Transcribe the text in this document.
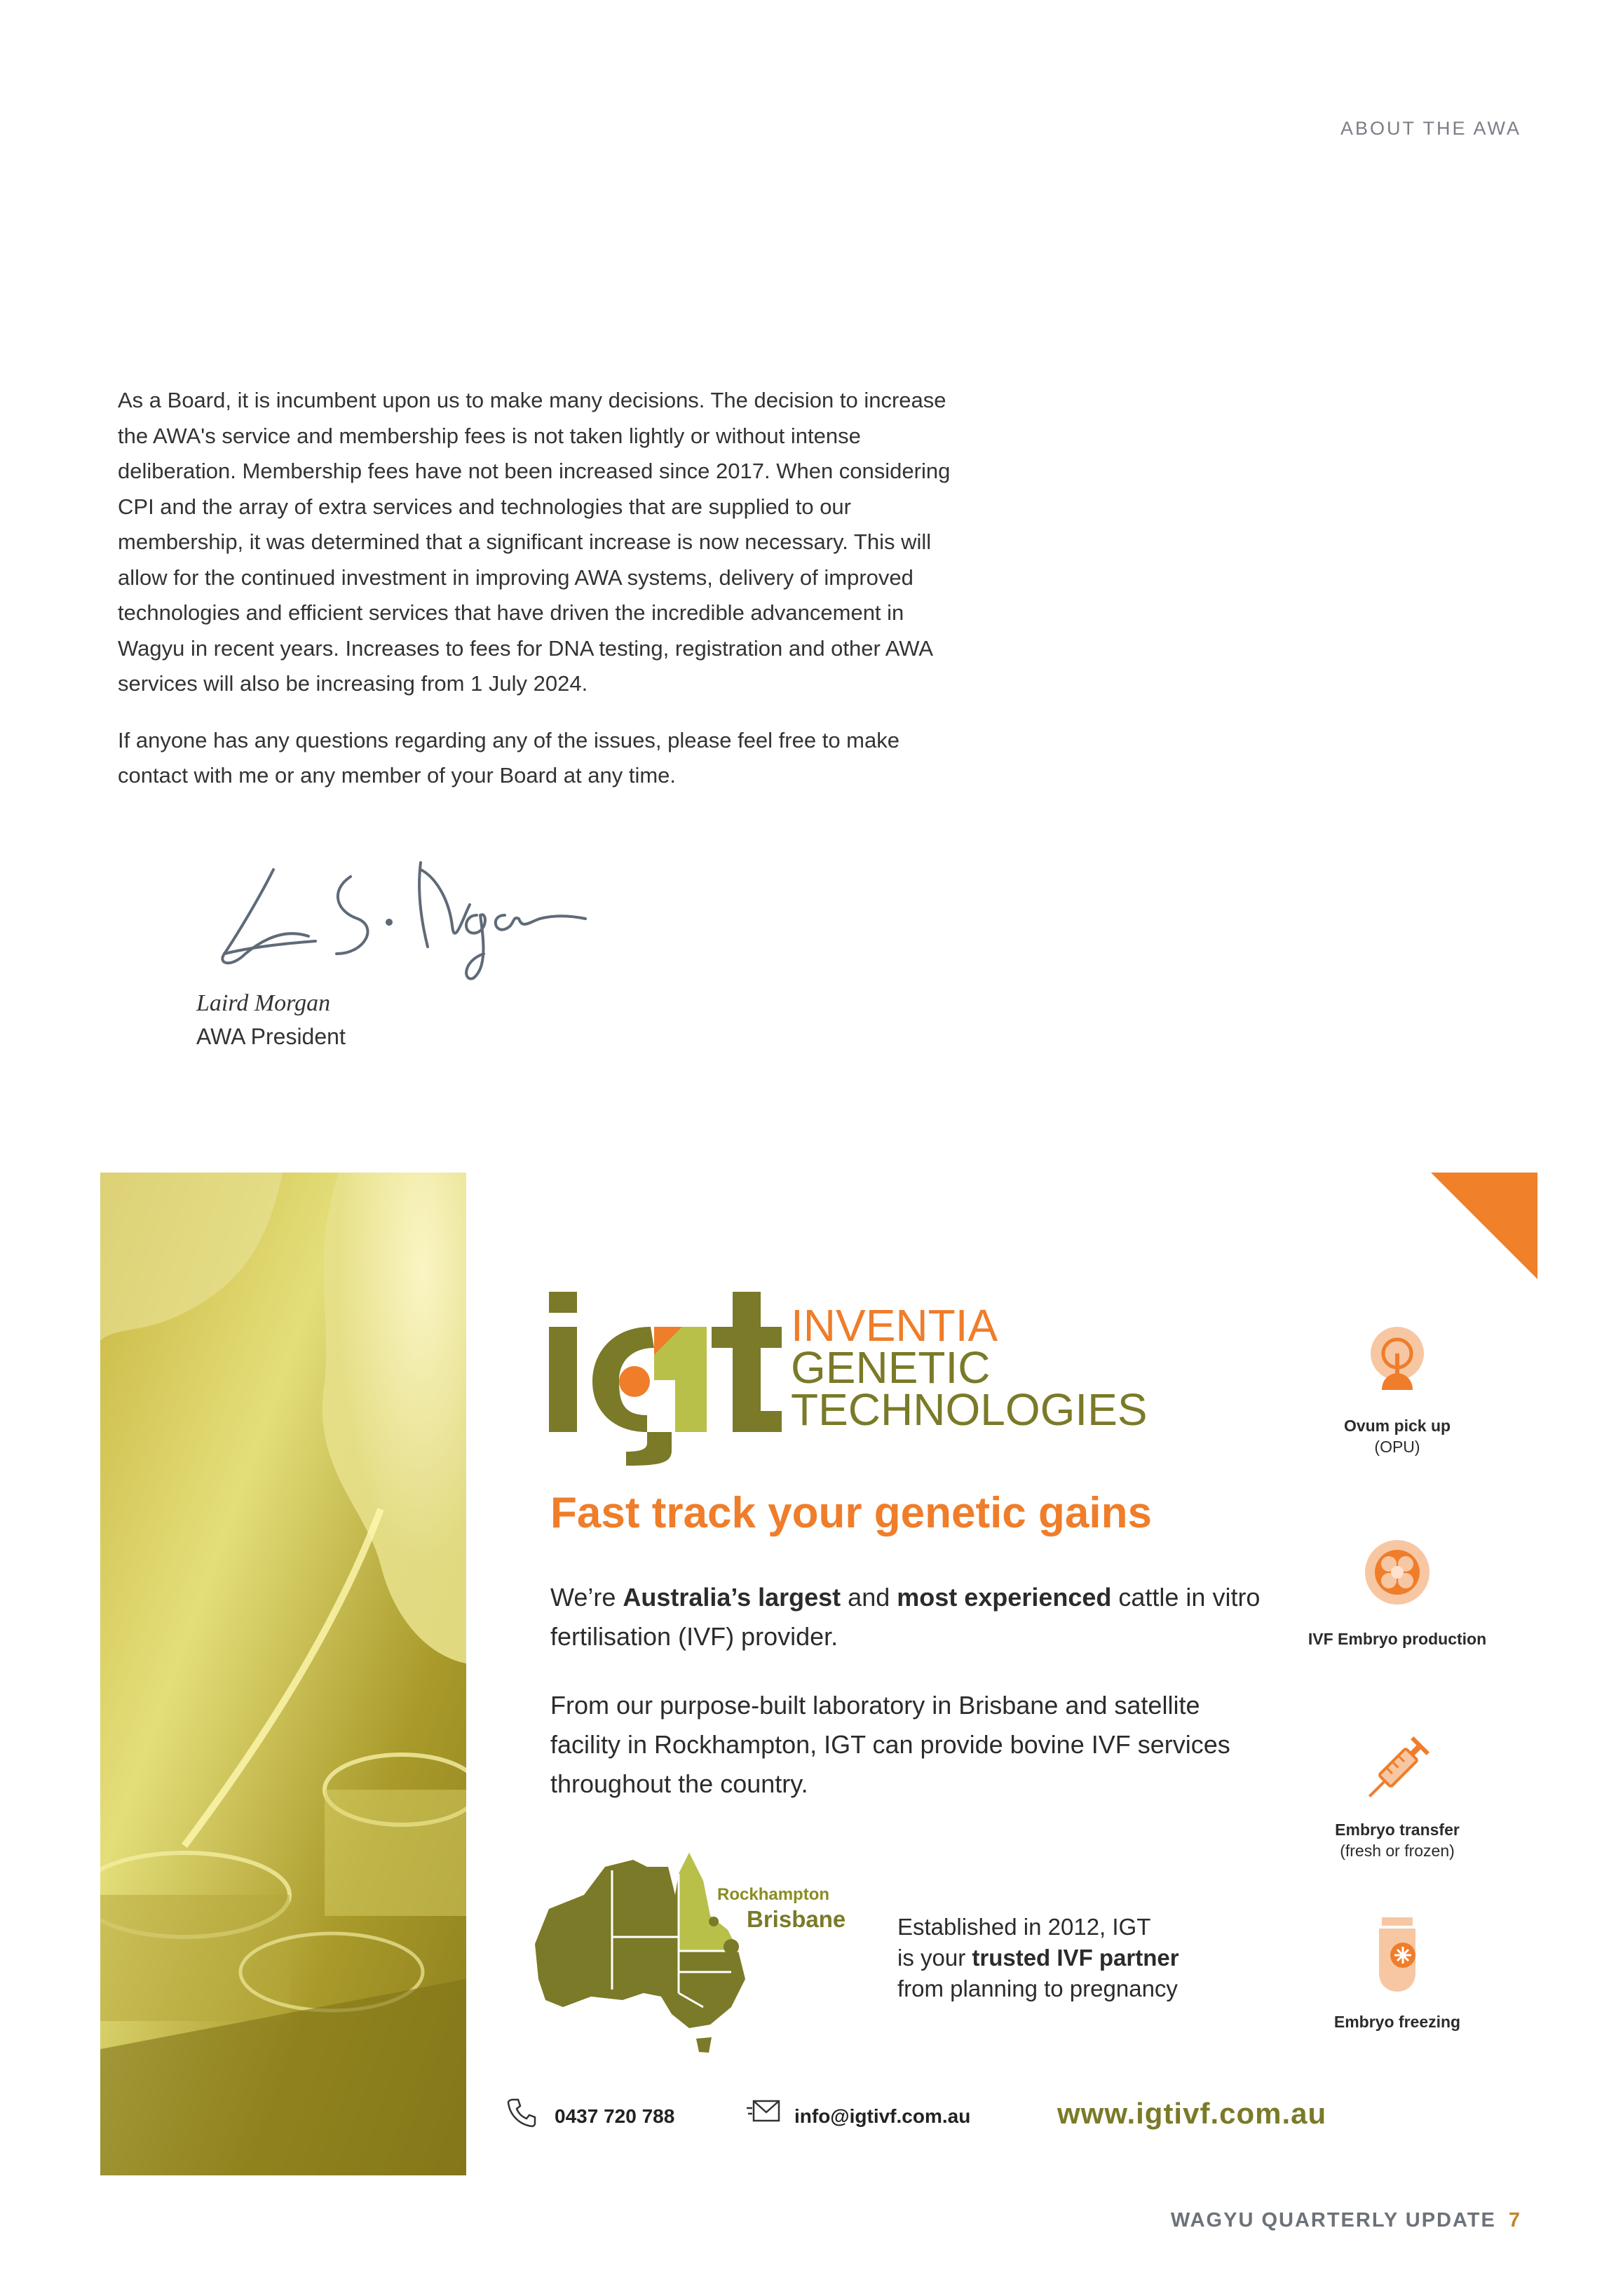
ABOUT THE AWA

As a Board, it is incumbent upon us to make many decisions. The decision to increase the AWA's service and membership fees is not taken lightly or without intense deliberation. Membership fees have not been increased since 2017. When considering CPI and the array of extra services and technologies that are supplied to our membership, it was determined that a significant increase is now necessary. This will allow for the continued investment in improving AWA systems, delivery of improved technologies and efficient services that have driven the incredible advancement in Wagyu in recent years. Increases to fees for DNA testing, registration and other AWA services will also be increasing from 1 July 2024.

If anyone has any questions regarding any of the issues, please feel free to make contact with me or any member of your Board at any time.

Laird Morgan
AWA President
INVENTIA
GENETIC
TECHNOLOGIES
Fast track your genetic gains
We’re Australia’s largest and most experienced cattle in vitro fertilisation (IVF) provider.
From our purpose-built laboratory in Brisbane and satellite facility in Rockhampton, IGT can provide bovine IVF services throughout the country.
Rockhampton
Brisbane Established in 2012, IGT
is your trusted IVF partner
from planning to pregnancy
Ovum pick up
(OPU)
IVF Embryo production
Embryo transfer
(fresh or frozen)
Embryo freezing
0437 720 788	info@igtivf.com.au	www.igtivf.com.au
WAGYU QUARTERLY UPDATE 7
